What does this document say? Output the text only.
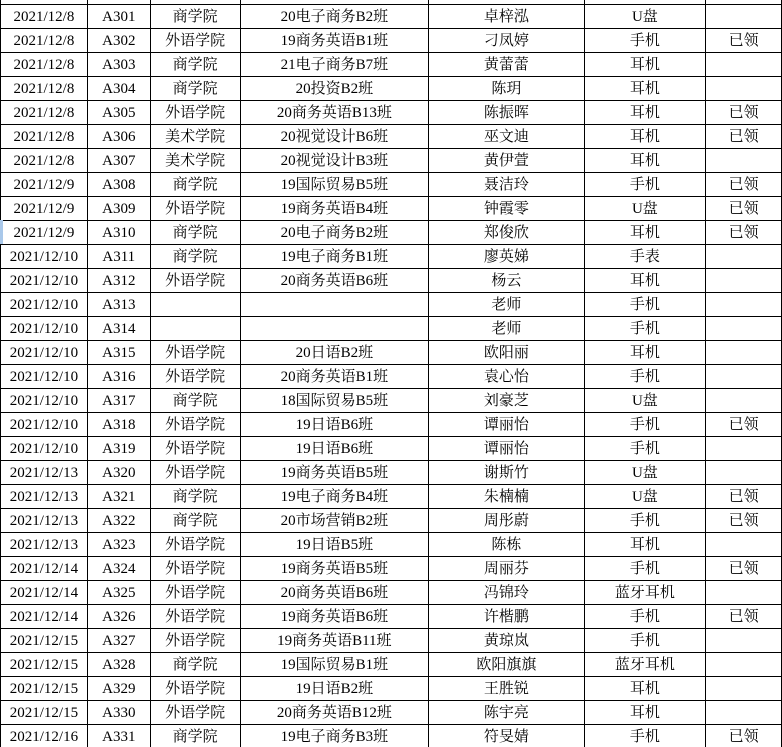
2021/12/8	A301	商学院	20电子商务B2班	卓梓泓	U盘	
2021/12/8	A302	外语学院	19商务英语B1班	刁凤婷	手机	已领
2021/12/8	A303	商学院	21电子商务B7班	黄蕾蕾	耳机	
2021/12/8	A304	商学院	20投资B2班	陈玥	耳机	
2021/12/8	A305	外语学院	20商务英语B13班	陈振晖	耳机	已领
2021/12/8	A306	美术学院	20视觉设计B6班	巫文迪	耳机	已领
2021/12/8	A307	美术学院	20视觉设计B3班	黄伊萱	耳机	
2021/12/9	A308	商学院	19国际贸易B5班	聂洁玲	手机	已领
2021/12/9	A309	外语学院	19商务英语B4班	钟霞零	U盘	已领
2021/12/9	A310	商学院	20电子商务B2班	郑俊欣	耳机	已领
2021/12/10	A311	商学院	19电子商务B1班	廖英娣	手表	
2021/12/10	A312	外语学院	20商务英语B6班	杨云	耳机	
2021/12/10	A313			老师	手机	
2021/12/10	A314			老师	手机	
2021/12/10	A315	外语学院	20日语B2班	欧阳丽	耳机	
2021/12/10	A316	外语学院	20商务英语B1班	袁心怡	手机	
2021/12/10	A317	商学院	18国际贸易B5班	刘豪芝	U盘	
2021/12/10	A318	外语学院	19日语B6班	谭丽怡	手机	已领
2021/12/10	A319	外语学院	19日语B6班	谭丽怡	手机	
2021/12/13	A320	外语学院	19商务英语B5班	谢斯竹	U盘	
2021/12/13	A321	商学院	19电子商务B4班	朱楠楠	U盘	已领
2021/12/13	A322	商学院	20市场营销B2班	周彤蔚	手机	已领
2021/12/13	A323	外语学院	19日语B5班	陈栋	耳机	
2021/12/14	A324	外语学院	19商务英语B5班	周丽芬	手机	已领
2021/12/14	A325	外语学院	20商务英语B6班	冯锦玲	蓝牙耳机	
2021/12/14	A326	外语学院	19商务英语B6班	许楷鹏	手机	已领
2021/12/15	A327	外语学院	19商务英语B11班	黄琼岚	手机	
2021/12/15	A328	商学院	19国际贸易B1班	欧阳旗旗	蓝牙耳机	
2021/12/15	A329	外语学院	19日语B2班	王胜锐	耳机	
2021/12/15	A330	外语学院	20商务英语B12班	陈宇亮	耳机	
2021/12/16	A331	商学院	19电子商务B3班	符旻婧	手机	已领
